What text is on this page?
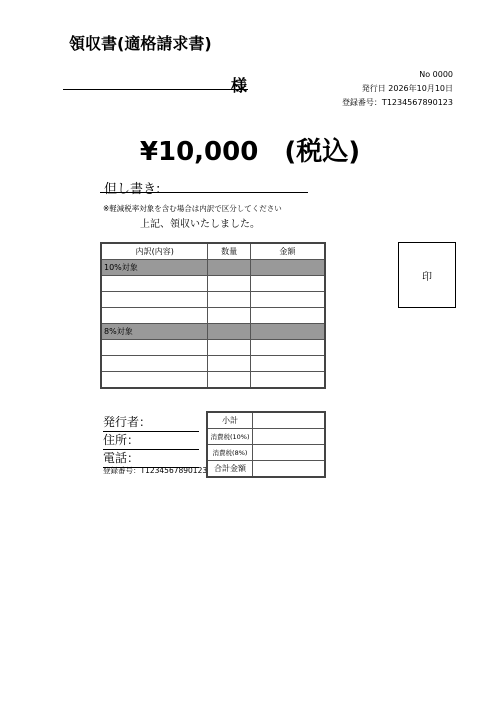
領収書(適格請求書)
様
No 0000
発行日 2026年10月10日
登録番号：T1234567890123
¥10,000 (税込)
但し書き:
※軽減税率対象を含む場合は内訳で区分してください
上記、領収いたしました。
内訳(内容)	数量	金額
10%対象		

8%対象		

印
発行者：
住所：
電話：
登録番号：T1234567890123
小計	
消費税(10%)	
消費税(8%)	
合計金額	
